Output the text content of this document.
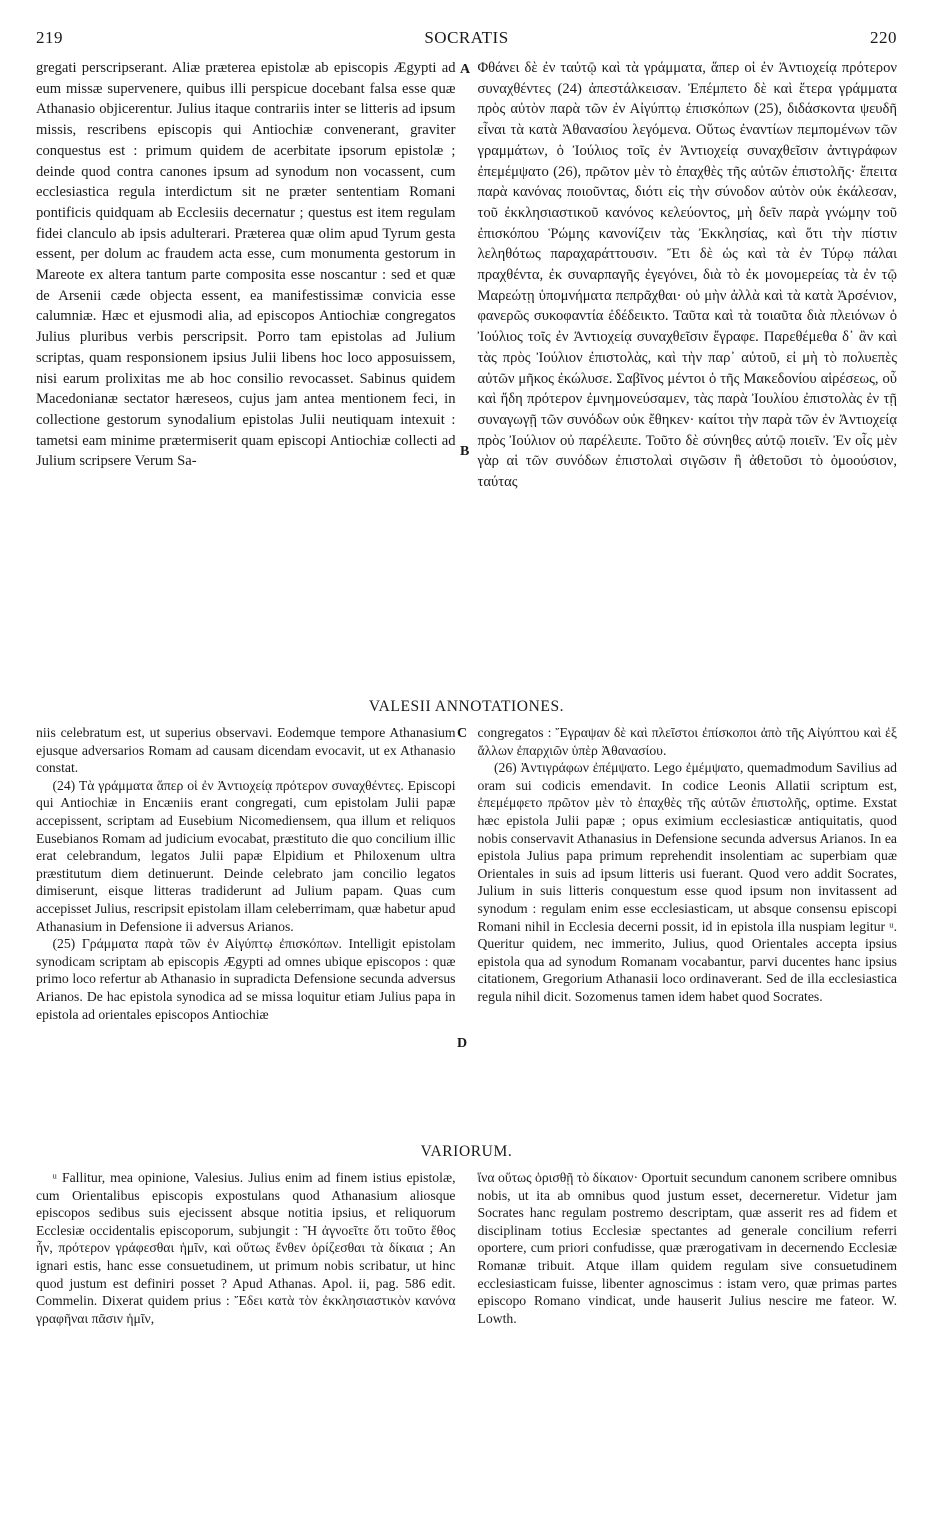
219	SOCRATIS	220

gregati perscripserant. Aliæ præterea epistolæ ab episcopis Ægypti ad eum missæ supervenere, quibus illi perspicue docebant falsa esse quæ Athanasio objicerentur. Julius itaque contrariis inter se litteris ad ipsum missis, rescribens episcopis qui Antiochiæ convenerant, graviter conquestus est : primum quidem de acerbitate ipsorum epistolæ ; deinde quod contra canones ipsum ad synodum non vocassent, cum ecclesiastica regula interdictum sit ne præter sententiam Romani pontificis quidquam ab Ecclesiis decernatur ; questus est item regulam fidei clanculo ab ipsis adulterari. Præterea quæ olim apud Tyrum gesta essent, per dolum ac fraudem acta esse, cum monumenta gestorum in Mareote ex altera tantum parte composita esse noscantur : sed et quæ de Arsenii cæde objecta essent, ea manifestissimæ convicia esse calumniæ. Hæc et ejusmodi alia, ad episcopos Antiochiæ congregatos Julius pluribus verbis perscripsit. Porro tam epistolas ad Julium scriptas, quam responsionem ipsius Julii libens hoc loco apposuissem, nisi earum prolixitas me ab hoc consilio revocasset. Sabinus quidem Macedonianæ sectator hæreseos, cujus jam antea mentionem feci, in collectione gestorum synodalium epistolas Julii neutiquam intexuit : tametsi eam minime prætermiserit quam episcopi Antiochiæ collecti ad Julium scripsere Verum Sa-

Φθάνει δὲ ἐν ταὐτῷ καὶ τὰ γράμματα, ἅπερ οἱ ἐν Ἀντιοχείᾳ πρότερον συναχθέντες (24) ἀπεστάλκεισαν. Ἐπέμπετο δὲ καὶ ἕτερα γράμματα πρὸς αὐτὸν παρὰ τῶν ἐν Αἰγύπτῳ ἐπισκόπων (25), διδάσκοντα ψευδῆ εἶναι τὰ κατὰ Ἀθανασίου λεγόμενα. Οὕτως ἐναντίων πεμπομένων τῶν γραμμάτων, ὁ Ἰούλιος τοῖς ἐν Ἀντιοχείᾳ συναχθεῖσιν ἀντιγράφων ἐπεμέμψατο (26), πρῶτον μὲν τὸ ἐπαχθὲς τῆς αὐτῶν ἐπιστολῆς· ἔπειτα παρὰ κανόνας ποιοῦντας, διότι εἰς τὴν σύνοδον αὐτὸν οὐκ ἐκάλεσαν, τοῦ ἐκκλησιαστικοῦ κανόνος κελεύοντος, μὴ δεῖν παρὰ γνώμην τοῦ ἐπισκόπου Ῥώμης κανονίζειν τὰς Ἐκκλησίας, καὶ ὅτι τὴν πίστιν λεληθότως παραχαράττουσιν. Ἔτι δὲ ὡς καὶ τὰ ἐν Τύρῳ πάλαι πραχθέντα, ἐκ συναρπαγῆς ἐγεγόνει, διὰ τὸ ἐκ μονομερείας τὰ ἐν τῷ Μαρεώτῃ ὑπομνήματα πεπρᾶχθαι· οὐ μὴν ἀλλὰ καὶ τὰ κατὰ Ἀρσένιον, φανερῶς συκοφαντία ἐδέδεικτο. Ταῦτα καὶ τὰ τοιαῦτα διὰ πλειόνων ὁ Ἰούλιος τοῖς ἐν Ἀντιοχείᾳ συναχθεῖσιν ἔγραφε. Παρεθέμεθα δ᾽ ἂν καὶ τὰς πρὸς Ἰούλιον ἐπιστολὰς, καὶ τὴν παρ᾽ αὐτοῦ, εἰ μὴ τὸ πολυεπὲς αὐτῶν μῆκος ἐκώλυσε. Σαβῖνος μέντοι ὁ τῆς Μακεδονίου αἱρέσεως, οὗ καὶ ἤδη πρότερον ἐμνημονεύσαμεν, τὰς παρὰ Ἰουλίου ἐπιστολὰς ἐν τῇ συναγωγῇ τῶν συνόδων οὐκ ἔθηκεν· καίτοι τὴν παρὰ τῶν ἐν Ἀντιοχείᾳ πρὸς Ἰούλιον οὐ παρέλειπε. Τοῦτο δὲ σύνηθες αὐτῷ ποιεῖν. Ἐν οἷς μὲν γὰρ αἱ τῶν συνόδων ἐπιστολαὶ σιγῶσιν ἢ ἀθετοῦσι τὸ ὁμοούσιον, ταύτας

A
B
VALESII ANNOTATIONES.

niis celebratum est, ut superius observavi. Eodemque tempore Athanasium ejusque adversarios Romam ad causam dicendam evocavit, ut ex Athanasio constat.

(24) Τὰ γράμματα ἅπερ οἱ ἐν Ἀντιοχείᾳ πρότερον συναχθέντες. Episcopi qui Antiochiæ in Encæniis erant congregati, cum epistolam Julii papæ accepissent, scriptam ad Eusebium Nicomediensem, qua illum et reliquos Eusebianos Romam ad judicium evocabat, præstituto die quo concilium illic erat celebrandum, legatos Julii papæ Elpidium et Philoxenum ultra præstitutum diem detinuerunt. Deinde celebrato jam concilio legatos dimiserunt, eisque litteras tradiderunt ad Julium papam. Quas cum accepisset Julius, rescripsit epistolam illam celeberrimam, quæ habetur apud Athanasium in Defensione ii adversus Arianos.

(25) Γράμματα παρὰ τῶν ἐν Αἰγύπτῳ ἐπισκόπων. Intelligit epistolam synodicam scriptam ab episcopis Ægypti ad omnes ubique episcopos : quæ primo loco refertur ab Athanasio in supradicta Defensione secunda adversus Arianos. De hac epistola synodica ad se missa loquitur etiam Julius papa in epistola ad orientales episcopos Antiochiæ

congregatos : Ἔγραψαν δὲ καὶ πλεῖστοι ἐπίσκοποι ἀπὸ τῆς Αἰγύπτου καὶ ἐξ ἄλλων ἐπαρχιῶν ὑπὲρ Ἀθανασίου.

(26) Ἀντιγράφων ἐπέμψατο. Lego ἐμέμψατο, quemadmodum Savilius ad oram sui codicis emendavit. In codice Leonis Allatii scriptum est, ἐπεμέμφετο πρῶτον μὲν τὸ ἐπαχθὲς τῆς αὐτῶν ἐπιστολῆς, optime. Exstat hæc epistola Julii papæ ; opus eximium ecclesiasticæ antiquitatis, quod nobis conservavit Athanasius in Defensione secunda adversus Arianos. In ea epistola Julius papa primum reprehendit insolentiam ac superbiam quæ Orientales in suis ad ipsum litteris usi fuerant. Quod vero addit Socrates, Julium in suis litteris conquestum esse quod ipsum non invitassent ad synodum : regulam enim esse ecclesiasticam, ut absque consensu episcopi Romani nihil in Ecclesia decerni possit, id in epistola illa nuspiam legitur ᵘ. Queritur quidem, nec immerito, Julius, quod Orientales accepta ipsius epistola qua ad synodum Romanam vocabantur, parvi ducentes hanc ipsius citationem, Gregorium Athanasii loco ordinaverant. Sed de illa ecclesiastica regula nihil dicit. Sozomenus tamen idem habet quod Socrates.

C
D
VARIORUM.

ᵘ Fallitur, mea opinione, Valesius. Julius enim ad finem istius epistolæ, cum Orientalibus episcopis expostulans quod Athanasium aliosque episcopos sedibus suis ejecissent absque notitia ipsius, et reliquorum Ecclesiæ occidentalis episcoporum, subjungit : Ἢ ἀγνοεῖτε ὅτι τοῦτο ἔθος ἦν, πρότερον γράφεσθαι ἡμῖν, καὶ οὕτως ἔνθεν ὁρίζεσθαι τὰ δίκαια ; An ignari estis, hanc esse consuetudinem, ut primum nobis scribatur, ut hinc quod justum est definiri posset ? Apud Athanas. Apol. ii, pag. 586 edit. Commelin. Dixerat quidem prius : Ἔδει κατὰ τὸν ἐκκλησιαστικὸν κανόνα γραφῆναι πᾶσιν ἡμῖν,

ἵνα οὕτως ὁρισθῇ τὸ δίκαιον· Oportuit secundum canonem scribere omnibus nobis, ut ita ab omnibus quod justum esset, decerneretur. Videtur jam Socrates hanc regulam postremo descriptam, quæ asserit res ad fidem et disciplinam totius Ecclesiæ spectantes ad generale concilium referri oportere, cum priori confudisse, quæ prærogativam in decernendo Ecclesiæ Romanæ tribuit. Atque illam quidem regulam sive consuetudinem ecclesiasticam fuisse, libenter agnoscimus : istam vero, quæ primas partes episcopo Romano vindicat, unde hauserit Julius nescire me fateor. W. Lowth.
